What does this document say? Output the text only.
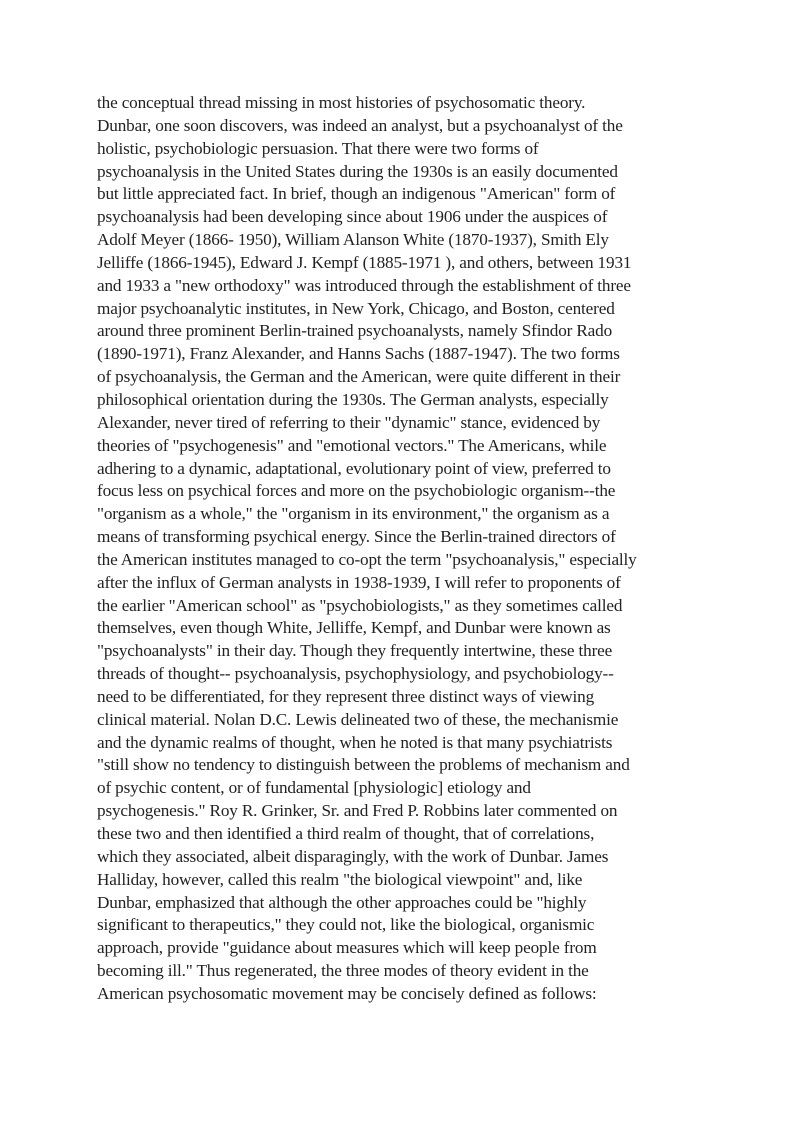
the conceptual thread missing in most histories of psychosomatic theory.
Dunbar, one soon discovers, was indeed an analyst, but a psychoanalyst of the
holistic, psychobiologic persuasion. That there were two forms of
psychoanalysis in the United States during the 1930s is an easily documented
but little appreciated fact. In brief, though an indigenous "American" form of
psychoanalysis had been developing since about 1906 under the auspices of
Adolf Meyer (1866- 1950), William Alanson White (1870-1937), Smith Ely
Jelliffe (1866-1945), Edward J. Kempf (1885-1971 ), and others, between 1931
and 1933 a "new orthodoxy" was introduced through the establishment of three
major psychoanalytic institutes, in New York, Chicago, and Boston, centered
around three prominent Berlin-trained psychoanalysts, namely Sfindor Rado
(1890-1971), Franz Alexander, and Hanns Sachs (1887-1947). The two forms
of psychoanalysis, the German and the American, were quite different in their
philosophical orientation during the 1930s. The German analysts, especially
Alexander, never tired of referring to their "dynamic" stance, evidenced by
theories of "psychogenesis" and "emotional vectors." The Americans, while
adhering to a dynamic, adaptational, evolutionary point of view, preferred to
focus less on psychical forces and more on the psychobiologic organism--the
"organism as a whole," the "organism in its environment," the organism as a
means of transforming psychical energy. Since the Berlin-trained directors of
the American institutes managed to co-opt the term "psychoanalysis," especially
after the influx of German analysts in 1938-1939, I will refer to proponents of
the earlier "American school" as "psychobiologists," as they sometimes called
themselves, even though White, Jelliffe, Kempf, and Dunbar were known as
"psychoanalysts" in their day. Though they frequently intertwine, these three
threads of thought-- psychoanalysis, psychophysiology, and psychobiology--
need to be differentiated, for they represent three distinct ways of viewing
clinical material. Nolan D.C. Lewis delineated two of these, the mechanismie
and the dynamic realms of thought, when he noted is that many psychiatrists
"still show no tendency to distinguish between the problems of mechanism and
of psychic content, or of fundamental [physiologic] etiology and
psychogenesis." Roy R. Grinker, Sr. and Fred P. Robbins later commented on
these two and then identified a third realm of thought, that of correlations,
which they associated, albeit disparagingly, with the work of Dunbar. James
Halliday, however, called this realm "the biological viewpoint" and, like
Dunbar, emphasized that although the other approaches could be "highly
significant to therapeutics," they could not, like the biological, organismic
approach, provide "guidance about measures which will keep people from
becoming ill." Thus regenerated, the three modes of theory evident in the
American psychosomatic movement may be concisely defined as follows:
